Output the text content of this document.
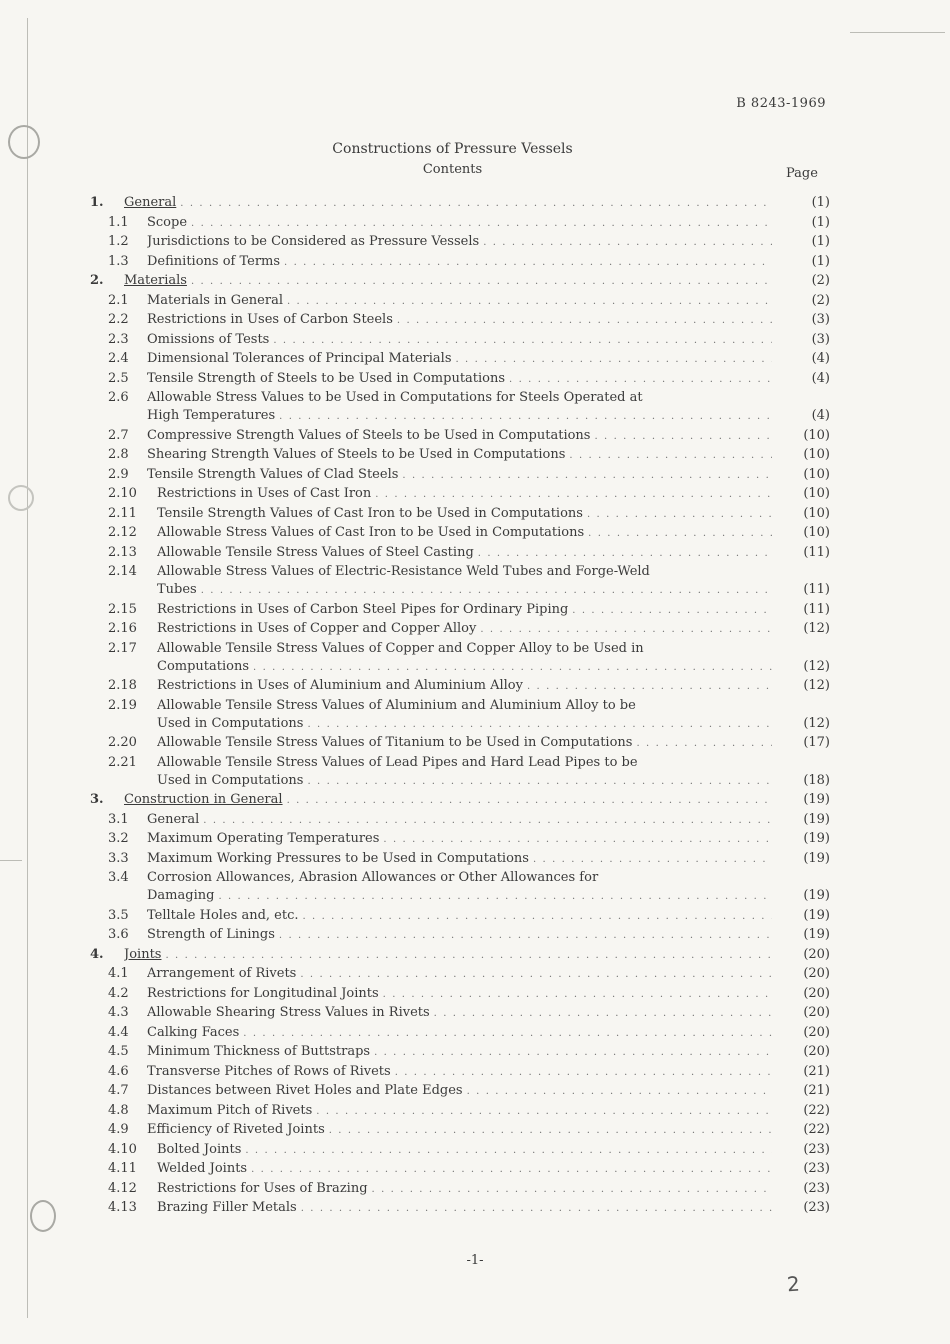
B 8243-1969
Constructions of Pressure Vessels
Contents	Page
1. General . . .	(1)
1.1 Scope . . .	(1)
1.2 Jurisdictions to be Considered as Pressure Vessels . . .	(1)
1.3 Definitions of Terms . . .	(1)
2. Materials . . .	(2)
2.1 Materials in General . . .	(2)
2.2 Restrictions in Uses of Carbon Steels . . .	(3)
2.3 Omissions of Tests . . .	(3)
2.4 Dimensional Tolerances of Principal Materials . . .	(4)
2.5 Tensile Strength of Steels to be Used in Computations . . .	(4)
2.6 Allowable Stress Values to be Used in Computations for Steels Operated at
High Temperatures . . .	(4)
2.7 Compressive Strength Values of Steels to be Used in Computations . . .	(10)
2.8 Shearing Strength Values of Steels to be Used in Computations . . .	(10)
2.9 Tensile Strength Values of Clad Steels . . .	(10)
2.10 Restrictions in Uses of Cast Iron . . .	(10)
2.11 Tensile Strength Values of Cast Iron to be Used in Computations . . .	(10)
2.12 Allowable Stress Values of Cast Iron to be Used in Computations . . .	(10)
2.13 Allowable Tensile Stress Values of Steel Casting . . .	(11)
2.14 Allowable Stress Values of Electric-Resistance Weld Tubes and Forge-Weld
Tubes . . .	(11)
2.15 Restrictions in Uses of Carbon Steel Pipes for Ordinary Piping . . .	(11)
2.16 Restrictions in Uses of Copper and Copper Alloy . . .	(12)
2.17 Allowable Tensile Stress Values of Copper and Copper Alloy to be Used in
Computations . . .	(12)
2.18 Restrictions in Uses of Aluminium and Aluminium Alloy . . .	(12)
2.19 Allowable Tensile Stress Values of Aluminium and Aluminium Alloy to be
Used in Computations . . .	(12)
2.20 Allowable Tensile Stress Values of Titanium to be Used in Computations . . .	(17)
2.21 Allowable Tensile Stress Values of Lead Pipes and Hard Lead Pipes to be
Used in Computations . . .	(18)
3. Construction in General . . .	(19)
3.1 General . . .	(19)
3.2 Maximum Operating Temperatures . . .	(19)
3.3 Maximum Working Pressures to be Used in Computations . . .	(19)
3.4 Corrosion Allowances, Abrasion Allowances or Other Allowances for
Damaging . . .	(19)
3.5 Telltale Holes and, etc. . . .	(19)
3.6 Strength of Linings . . .	(19)
4. Joints . . .	(20)
4.1 Arrangement of Rivets . . .	(20)
4.2 Restrictions for Longitudinal Joints . . .	(20)
4.3 Allowable Shearing Stress Values in Rivets . . .	(20)
4.4 Calking Faces . . .	(20)
4.5 Minimum Thickness of Buttstraps . . .	(20)
4.6 Transverse Pitches of Rows of Rivets . . .	(21)
4.7 Distances between Rivet Holes and Plate Edges . . .	(21)
4.8 Maximum Pitch of Rivets . . .	(22)
4.9 Efficiency of Riveted Joints . . .	(22)
4.10 Bolted Joints . . .	(23)
4.11 Welded Joints . . .	(23)
4.12 Restrictions for Uses of Brazing . . .	(23)
4.13 Brazing Filler Metals . . .	(23)
-1-
2
